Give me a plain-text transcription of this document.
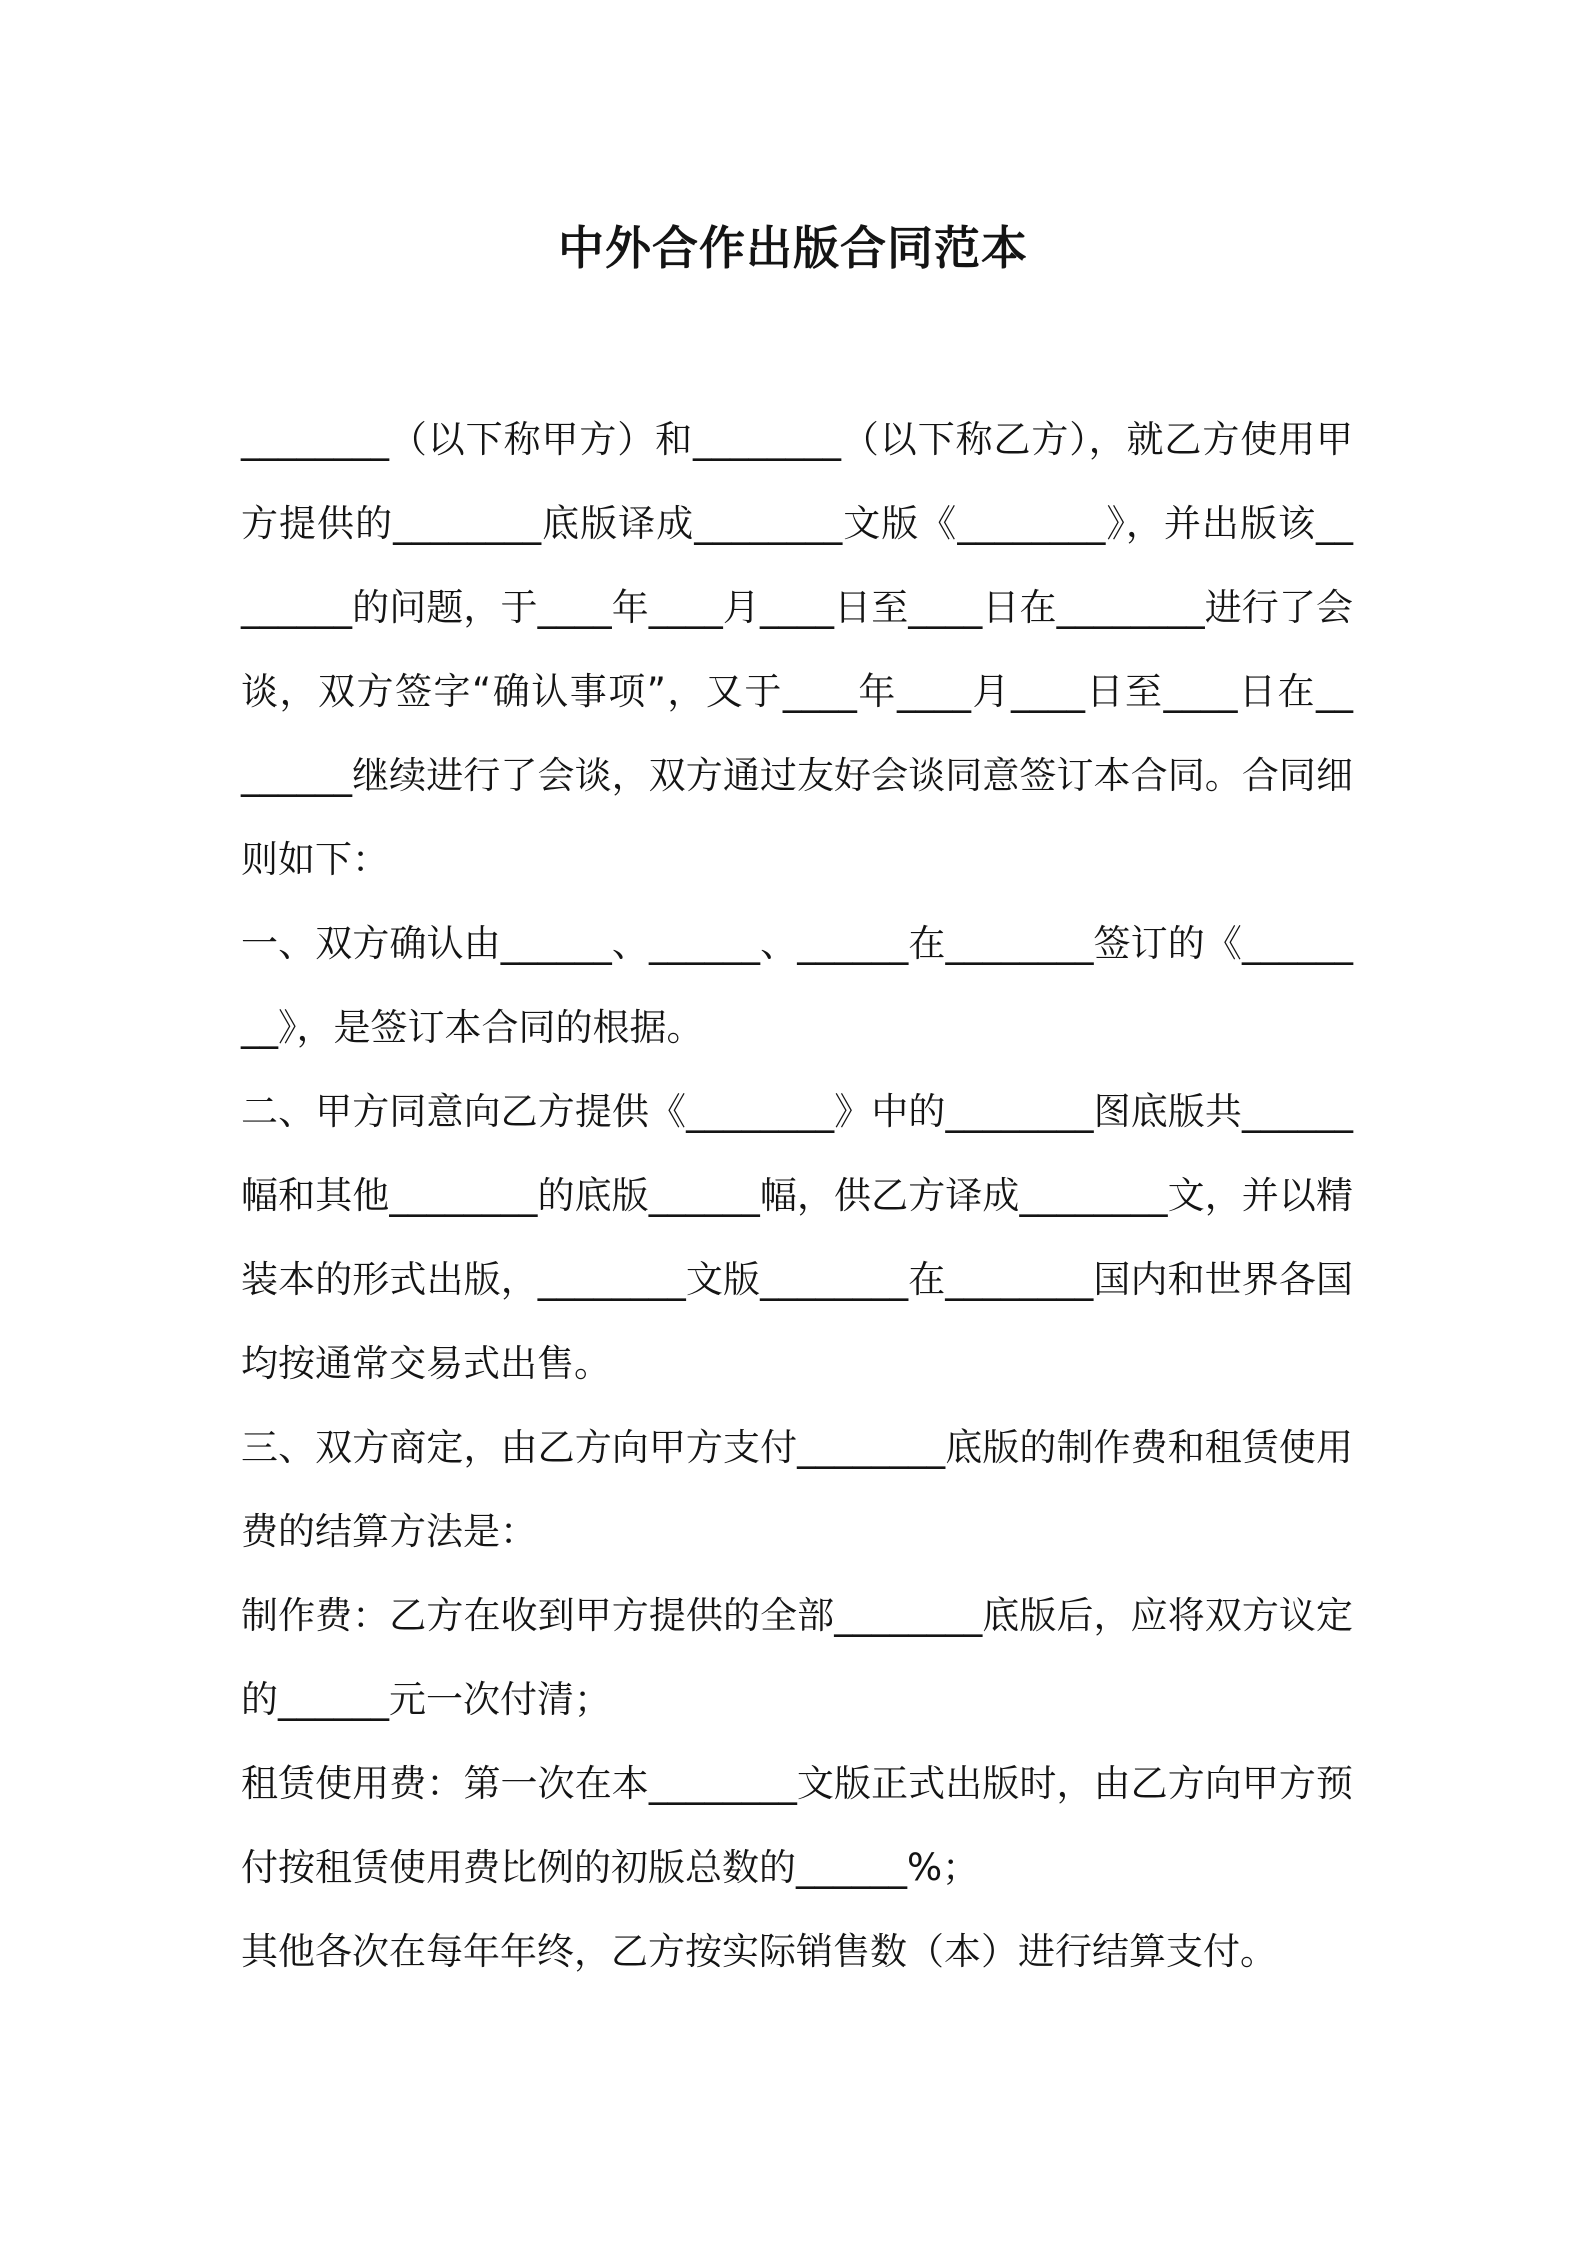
中外合作出版合同范本

________（以下称甲方）和________（以下称乙方），就乙方使用甲

方提供的________底版译成________文版《________》，并出版该__

______的问题，于____年____月____日至____日在________进行了会

谈，双方签字“确认事项”，又于____年____月____日至____日在__

______继续进行了会谈，双方通过友好会谈同意签订本合同。合同细

则如下：

一、双方确认由______、______、______在________签订的《______

__》，是签订本合同的根据。

二、甲方同意向乙方提供《________》中的________图底版共______

幅和其他________的底版______幅，供乙方译成________文，并以精

装本的形式出版，________文版________在________国内和世界各国

均按通常交易式出售。

三、双方商定，由乙方向甲方支付________底版的制作费和租赁使用

费的结算方法是：

制作费：乙方在收到甲方提供的全部________底版后，应将双方议定

的______元一次付清；

租赁使用费：第一次在本________文版正式出版时，由乙方向甲方预

付按租赁使用费比例的初版总数的______%；

其他各次在每年年终，乙方按实际销售数（本）进行结算支付。
